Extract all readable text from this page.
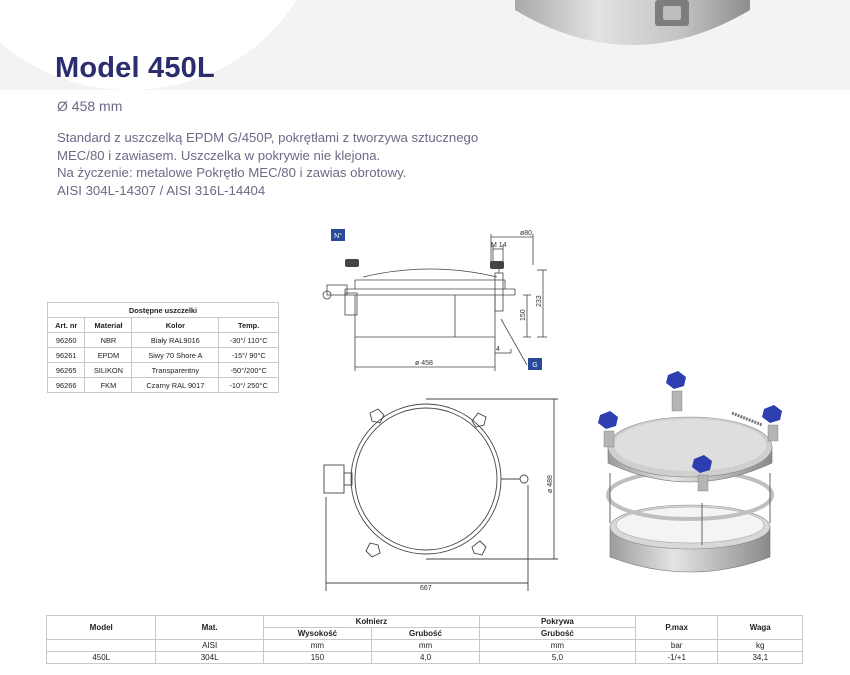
Model 450L
Ø 458 mm
Standard z uszczelką EPDM G/450P, pokrętłami z tworzywa sztucznego
MEC/80 i zawiasem. Uszczelka w pokrywie nie klejona.
Na życzenie: metalowe Pokrętło MEC/80 i zawias obrotowy.
AISI 304L-14307 / AISI 316L-14404
Dostępne uszczelki			
Art. nr	Materiał	Kolor	Temp.
96260	NBR	Biały RAL9016	-30°/ 110°C
96261	EPDM	Siwy 70 Shore A	-15°/ 90°C
96265	SILIKON	Transparentny	-50°/200°C
96266	FKM	Czarny RAL 9017	-10°/ 250°C
N°
G
ø80
M 14
233
150
ø 458
4
ø 488
667
Model	Mat.	Kołnierz		Pokrywa	P.max	Waga
		Wysokość	Grubość	Grubość		
	AISI	mm	mm	mm	bar	kg
450L	304L	150	4,0	5,0	-1/+1	34,1
